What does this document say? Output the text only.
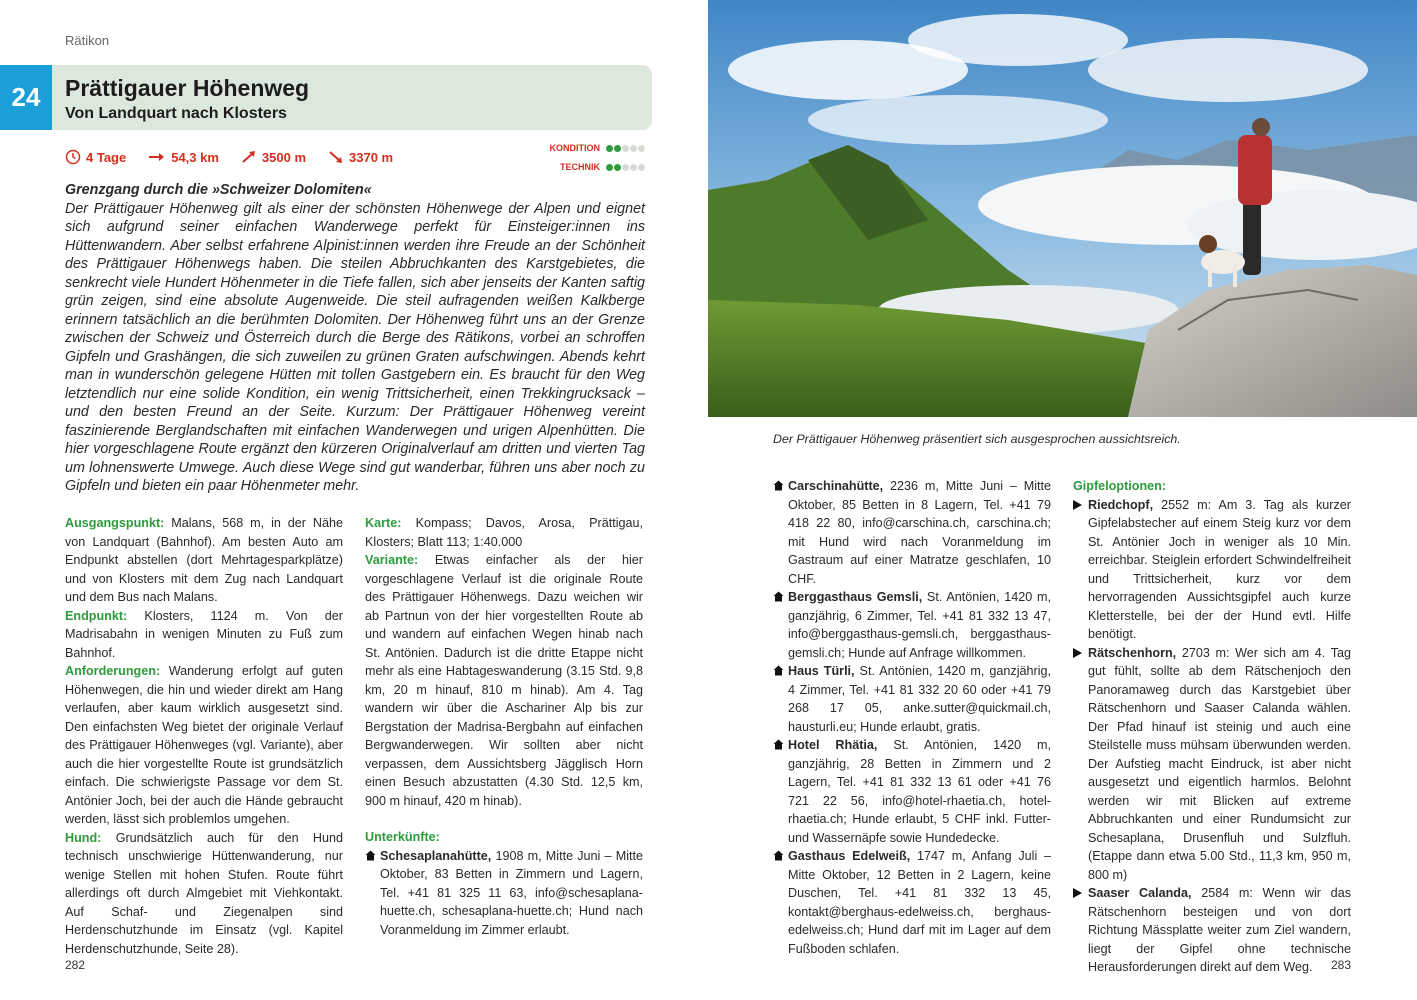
Rätikon
24	Prättigauer Höhenweg
Von Landquart nach Klosters
4 Tage	54,3 km	3500 m	3370 m
KONDITION
TECHNIK
Grenzgang durch die »Schweizer Dolomiten«
Der Prättigauer Höhenweg gilt als einer der schönsten Höhenwege der Alpen und eignet sich aufgrund seiner einfachen Wanderwege perfekt für Einsteiger:innen ins Hüttenwandern. Aber selbst erfahrene Alpinist:innen werden ihre Freude an der Schönheit des Prättigauer Höhenwegs haben. Die steilen Abbruchkanten des Karstgebietes, die senkrecht viele Hundert Höhenmeter in die Tiefe fallen, sich aber jenseits der Kanten saftig grün zeigen, sind eine absolute Augenweide. Die steil aufragenden weißen Kalkberge erinnern tatsächlich an die berühmten Dolomiten. Der Höhenweg führt uns an der Grenze zwischen der Schweiz und Österreich durch die Berge des Rätikons, vorbei an schroffen Gipfeln und Grashängen, die sich zuweilen zu grünen Graten aufschwingen. Abends kehrt man in wunderschön gelegene Hütten mit tollen Gastgebern ein. Es braucht für den Weg letztendlich nur eine solide Kondition, ein wenig Trittsicherheit, einen Trekkingrucksack – und den besten Freund an der Seite. Kurzum: Der Prättigauer Höhenweg vereint faszinierende Berglandschaften mit einfachen Wanderwegen und urigen Alpenhütten. Die hier vorgeschlagene Route ergänzt den kürzeren Originalverlauf am dritten und vierten Tag um lohnenswerte Umwege. Auch diese Wege sind gut wanderbar, führen uns aber noch zu Gipfeln und bieten ein paar Höhenmeter mehr.
Ausgangspunkt: Malans, 568 m, in der Nähe von Landquart (Bahnhof). Am besten Auto am Endpunkt abstellen (dort Mehrtagesparkplätze) und von Klosters mit dem Zug nach Landquart und dem Bus nach Malans.
Endpunkt: Klosters, 1124 m. Von der Madrisabahn in wenigen Minuten zu Fuß zum Bahnhof.
Anforderungen: Wanderung erfolgt auf guten Höhenwegen, die hin und wieder direkt am Hang verlaufen, aber kaum wirklich ausgesetzt sind. Den einfachsten Weg bietet der originale Verlauf des Prättigauer Höhenweges (vgl. Variante), aber auch die hier vorgestellte Route ist grundsätzlich einfach. Die schwierigste Passage vor dem St. Antönier Joch, bei der auch die Hände gebraucht werden, lässt sich problemlos umgehen.
Hund: Grundsätzlich auch für den Hund technisch unschwierige Hüttenwanderung, nur wenige Stellen mit hohen Stufen. Route führt allerdings oft durch Almgebiet mit Viehkontakt. Auf Schaf- und Ziegenalpen sind Herdenschutzhunde im Einsatz (vgl. Kapitel Herdenschutzhunde, Seite 28).
Karte: Kompass; Davos, Arosa, Prättigau, Klosters; Blatt 113; 1:40.000
Variante: Etwas einfacher als der hier vorgeschlagene Verlauf ist die originale Route des Prättigauer Höhenwegs. Dazu weichen wir ab Partnun von der hier vorgestellten Route ab und wandern auf einfachen Wegen hinab nach St. Antönien. Dadurch ist die dritte Etappe nicht mehr als eine Habtageswanderung (3.15 Std. 9,8 km, 20 m hinauf, 810 m hinab). Am 4. Tag wandern wir über die Aschariner Alp bis zur Bergstation der Madrisa-Bergbahn auf einfachen Bergwanderwegen. Wir sollten aber nicht verpassen, dem Aussichtsberg Jägglisch Horn einen Besuch abzustatten (4.30 Std. 12,5 km, 900 m hinauf, 420 m hinab).
Unterkünfte:
Schesaplanahütte, 1908 m, Mitte Juni – Mitte Oktober, 83 Betten in Zimmern und Lagern, Tel. +41 81 325 11 63, info@schesaplana-huette.ch, schesaplana-huette.ch; Hund nach Voranmeldung im Zimmer erlaubt.
282
Der Prättigauer Höhenweg präsentiert sich ausgesprochen aussichtsreich.
Carschinahütte, 2236 m, Mitte Juni – Mitte Oktober, 85 Betten in 8 Lagern, Tel. +41 79 418 22 80, info@carschina.ch, carschina.ch; mit Hund wird nach Voranmeldung im Gastraum auf einer Matratze geschlafen, 10 CHF.
Berggasthaus Gemsli, St. Antönien, 1420 m, ganzjährig, 6 Zimmer, Tel. +41 81 332 13 47, info@berggasthaus-gemsli.ch, berggasthaus-gemsli.ch; Hunde auf Anfrage willkommen.
Haus Türli, St. Antönien, 1420 m, ganzjährig, 4 Zimmer, Tel. +41 81 332 20 60 oder +41 79 268 17 05, anke.sutter@quickmail.ch, hausturli.eu; Hunde erlaubt, gratis.
Hotel Rhätia, St. Antönien, 1420 m, ganzjährig, 28 Betten in Zimmern und 2 Lagern, Tel. +41 81 332 13 61 oder +41 76 721 22 56, info@hotel-rhaetia.ch, hotel-rhaetia.ch; Hunde erlaubt, 5 CHF inkl. Futter- und Wassernäpfe sowie Hundedecke.
Gasthaus Edelweiß, 1747 m, Anfang Juli – Mitte Oktober, 12 Betten in 2 Lagern, keine Duschen, Tel. +41 81 332 13 45, kontakt@berghaus-edelweiss.ch, berghaus-edelweiss.ch; Hund darf mit im Lager auf dem Fußboden schlafen.
Gipfeloptionen:
Riedchopf, 2552 m: Am 3. Tag als kurzer Gipfelabstecher auf einem Steig kurz vor dem St. Antönier Joch in weniger als 10 Min. erreichbar. Steiglein erfordert Schwindelfreiheit und Trittsicherheit, kurz vor dem hervorragenden Aussichtsgipfel auch kurze Kletterstelle, bei der der Hund evtl. Hilfe benötigt.
Rätschenhorn, 2703 m: Wer sich am 4. Tag gut fühlt, sollte ab dem Rätschenjoch den Panoramaweg durch das Karstgebiet über Rätschenhorn und Saaser Calanda wählen. Der Pfad hinauf ist steinig und auch eine Steilstelle muss mühsam überwunden werden. Der Aufstieg macht Eindruck, ist aber nicht ausgesetzt und eigentlich harmlos. Belohnt werden wir mit Blicken auf extreme Abbruchkanten und einer Rundumsicht zur Schesaplana, Drusenfluh und Sulzfluh. (Etappe dann etwa 5.00 Std., 11,3 km, 950 m, 800 m)
Saaser Calanda, 2584 m: Wenn wir das Rätschenhorn besteigen und von dort Richtung Mässplatte weiter zum Ziel wandern, liegt der Gipfel ohne technische Herausforderungen direkt auf dem Weg.	283
